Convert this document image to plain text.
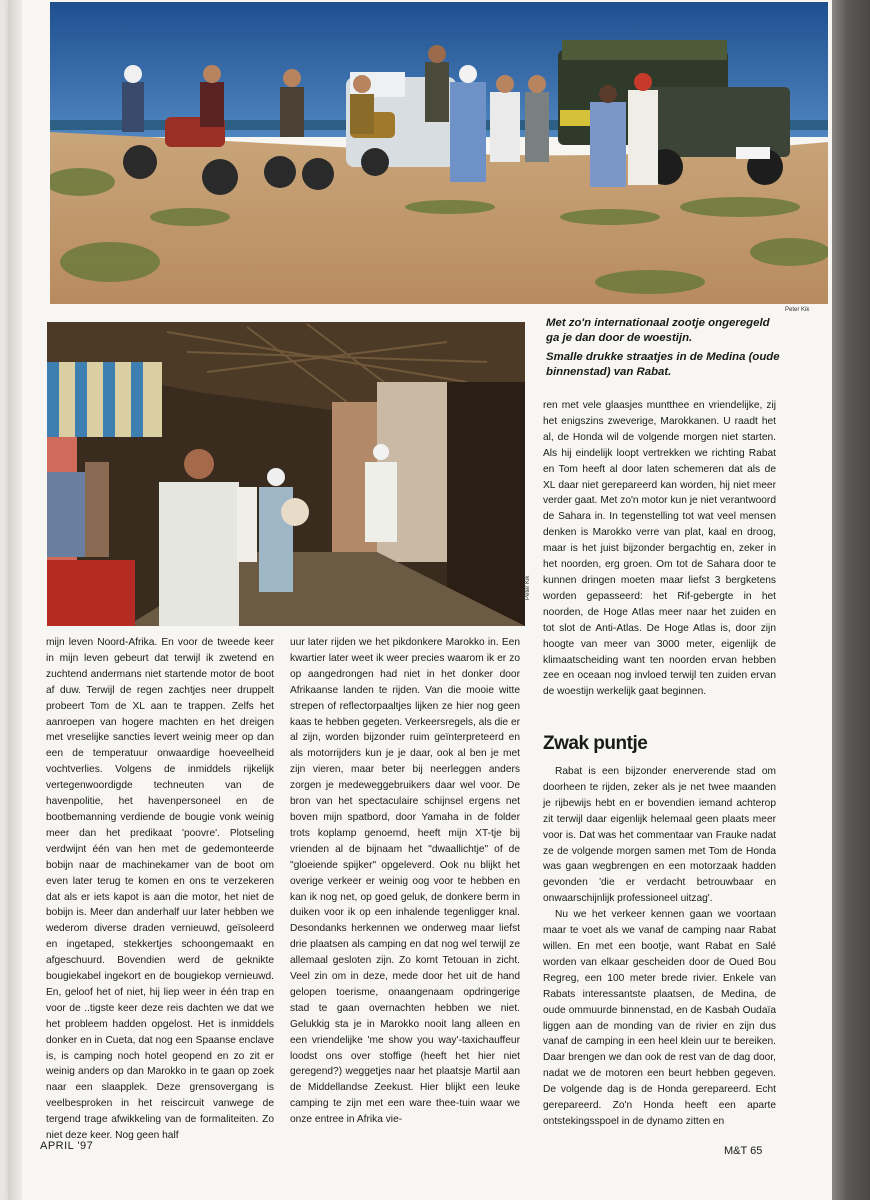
Peter Kik
Peter Kik

Met zo'n internationaal zootje ongeregeld ga je dan door de woestijn.

Smalle drukke straatjes in de Medina (oude binnenstad) van Rabat.

mijn leven Noord-Afrika. En voor de tweede keer in mijn leven gebeurt dat terwijl ik zwetend en zuchtend andermans niet startende motor de boot af duw. Terwijl de regen zachtjes neer druppelt probeert Tom de XL aan te trappen. Zelfs het aanroepen van hogere machten en het dreigen met vreselijke sancties levert weinig meer op dan een de temperatuur onwaardige hoeveelheid vochtverlies. Volgens de inmiddels rijkelijk vertegenwoordigde techneuten van de havenpolitie, het havenpersoneel en de bootbemanning verdiende de bougie vonk weinig meer dan het predikaat 'poovre'. Plotseling verdwijnt één van hen met de gedemonteerde bobijn naar de machinekamer van de boot om even later terug te komen en ons te verzekeren dat als er iets kapot is aan die motor, het niet de bobijn is. Meer dan anderhalf uur later hebben we wederom diverse draden vernieuwd, geïsoleerd en ingetaped, stekkertjes schoongemaakt en afgeschuurd. Bovendien werd de geknikte bougiekabel ingekort en de bougiekop vernieuwd. En, geloof het of niet, hij liep weer in één trap en voor de ..tigste keer deze reis dachten we dat we het probleem hadden opgelost. Het is inmiddels donker en in Cueta, dat nog een Spaanse enclave is, is camping noch hotel geopend en zo zit er weinig anders op dan Marokko in te gaan op zoek naar een slaapplek. Deze grensovergang is veelbesproken in het reiscircuit vanwege de tergend trage afwikkeling van de formaliteiten. Zo niet deze keer. Nog geen half

uur later rijden we het pikdonkere Marokko in. Een kwartier later weet ik weer precies waarom ik er zo op aangedrongen had niet in het donker door Afrikaanse landen te rijden. Van die mooie witte strepen of reflectorpaaltjes lijken ze hier nog geen kaas te hebben gegeten. Verkeersregels, als die er al zijn, worden bijzonder ruim geïnterpreteerd en als motorrijders kun je je daar, ook al ben je met zijn vieren, maar beter bij neerleggen anders zorgen je medeweggebruikers daar wel voor. De bron van het spectaculaire schijnsel ergens net boven mijn spatbord, door Yamaha in de folder trots koplamp genoemd, heeft mijn XT-tje bij vrienden al de bijnaam het "dwaallichtje" of de "gloeiende spijker" opgeleverd. Ook nu blijkt het overige verkeer er weinig oog voor te hebben en kan ik nog net, op goed geluk, de donkere berm in duiken voor ik op een inhalende tegenligger knal. Desondanks herkennen we onderweg maar liefst drie plaatsen als camping en dat nog wel terwijl ze allemaal gesloten zijn. Zo komt Tetouan in zicht. Veel zin om in deze, mede door het uit de hand gelopen toerisme, onaangenaam opdringerige stad te gaan overnachten hebben we niet. Gelukkig sta je in Marokko nooit lang alleen en een vriendelijke 'me show you way'-taxichauffeur loodst ons over stoffige (heeft het hier niet geregend?) weggetjes naar het plaatsje Martil aan de Middellandse Zeekust. Hier blijkt een leuke camping te zijn met een ware thee-tuin waar we onze entree in Afrika vie-

ren met vele glaasjes muntthee en vriendelijke, zij het enigszins zweverige, Marokkanen. U raadt het al, de Honda wil de volgende morgen niet starten. Als hij eindelijk loopt vertrekken we richting Rabat en Tom heeft al door laten schemeren dat als de XL daar niet gerepareerd kan worden, hij niet meer verder gaat. Met zo'n motor kun je niet verantwoord de Sahara in. In tegenstelling tot wat veel mensen denken is Marokko verre van plat, kaal en droog, maar is het juist bijzonder bergachtig en, zeker in het noorden, erg groen. Om tot de Sahara door te kunnen dringen moeten maar liefst 3 bergketens worden gepasseerd: het Rif-gebergte in het noorden, de Hoge Atlas meer naar het zuiden en tot slot de Anti-Atlas. De Hoge Atlas is, door zijn hoogte van meer van 3000 meter, eigenlijk de klimaatscheiding want ten noorden ervan hebben zee en oceaan nog invloed terwijl ten zuiden ervan de woestijn werkelijk gaat beginnen.

Zwak puntje

Rabat is een bijzonder enerverende stad om doorheen te rijden, zeker als je net twee maanden je rijbewijs hebt en er bovendien iemand achterop zit terwijl daar eigenlijk helemaal geen plaats meer voor is. Dat was het commentaar van Frauke nadat ze de volgende morgen samen met Tom de Honda was gaan wegbrengen en een motorzaak hadden gevonden 'die er verdacht betrouwbaar en onwaarschijnlijk professioneel uitzag'.

Nu we het verkeer kennen gaan we voortaan maar te voet als we vanaf de camping naar Rabat willen. En met een bootje, want Rabat en Salé worden van elkaar gescheiden door de Oued Bou Regreg, een 100 meter brede rivier. Enkele van Rabats interessantste plaatsen, de Medina, de oude ommuurde binnenstad, en de Kasbah Oudaïa liggen aan de monding van de rivier en zijn dus vanaf de camping in een heel klein uur te bereiken. Daar brengen we dan ook de rest van de dag door, nadat we de motoren een beurt hebben gegeven. De volgende dag is de Honda gerepareerd. Echt gerepareerd. Zo'n Honda heeft een aparte ontstekingsspoel in de dynamo zitten en

APRIL '97	M&T 65
